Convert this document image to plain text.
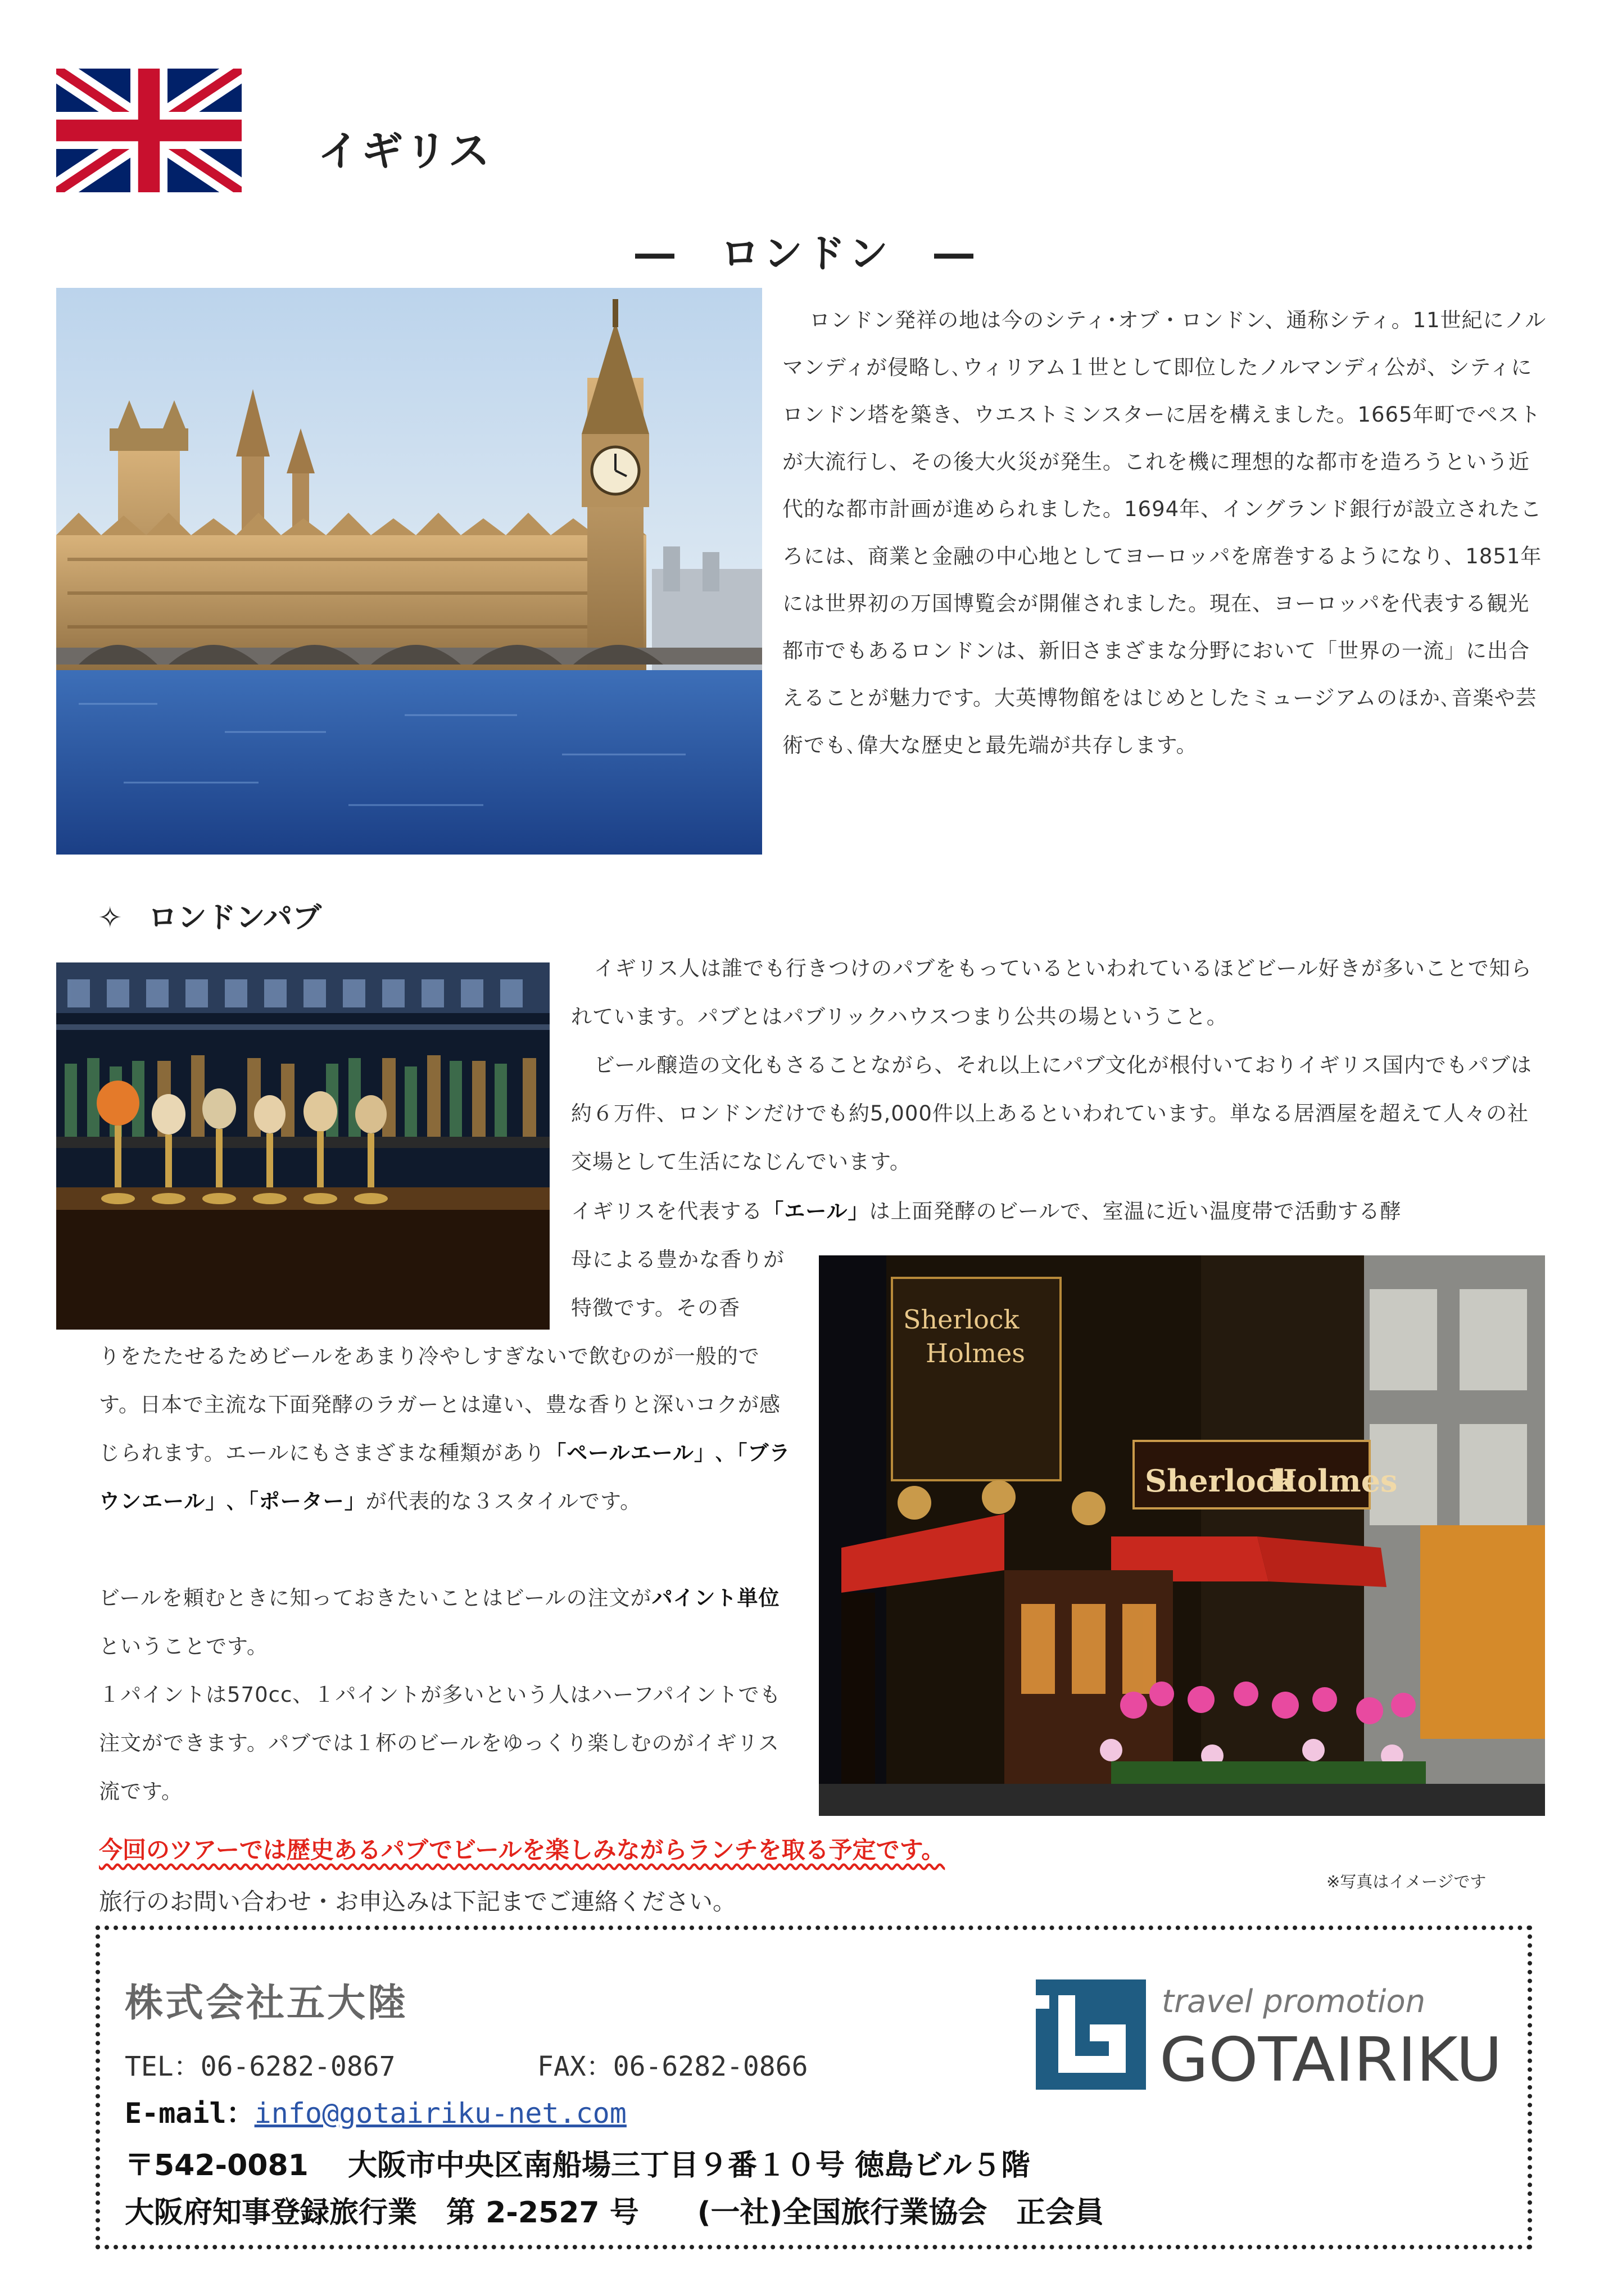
イギリス
―　ロンドン　―

ロンドン発祥の地は今のシティ･オブ・ロンドン、通称シティ。11世紀にノルマンディが侵略し､ウィリアム１世として即位したノルマンディ公が、シティにロンドン塔を築き、ウエストミンスターに居を構えました。1665年町でペストが大流行し、その後大火災が発生。これを機に理想的な都市を造ろうという近代的な都市計画が進められました。1694年、イングランド銀行が設立されたころには、商業と金融の中心地としてヨーロッパを席巻するようになり、1851年には世界初の万国博覧会が開催されました。現在、ヨーロッパを代表する観光都市でもあるロンドンは、新旧さまざまな分野において「世界の一流」に出合えることが魅力です。大英博物館をはじめとしたミュージアムのほか､音楽や芸術でも､偉大な歴史と最先端が共存します。

✧ ロンドンパブ

イギリス人は誰でも行きつけのパブをもっているといわれているほどビール好きが多いことで知られています。パブとはパブリックハウスつまり公共の場ということ。

ビール醸造の文化もさることながら、それ以上にパブ文化が根付いておりイギリス国内でもパブは約６万件、ロンドンだけでも約5,000件以上あるといわれています。単なる居酒屋を超えて人々の社交場として生活になじんでいます。

イギリスを代表する「エール」は上面発酵のビールで、室温に近い温度帯で活動する酵

母による豊かな香りが特徴です。その香

りをたたせるためビールをあまり冷やしすぎないで飲むのが一般的です。日本で主流な下面発酵のラガーとは違い、豊な香りと深いコクが感じられます。エールにもさまざまな種類があり「ペールエール」､「ブラウンエール」､「ポーター」が代表的な３スタイルです。

ビールを頼むときに知っておきたいことはビールの注文がパイント単位ということです。

１パイントは570cc、１パイントが多いという人はハーフパイントでも注文ができます。パブでは１杯のビールをゆっくり楽しむのがイギリス流です。

Sherlock
Holmes
Sherlock
Holmes
今回のツアーでは歴史あるパブでビールを楽しみながらランチを取る予定です。
※写真はイメージです
旅行のお問い合わせ・お申込みは下記までご連絡ください。
株式会社五大陸
TEL：06-6282-0867	FAX：06-6282-0866
E-mail：info@gotairiku-net.com
〒542-0081　 大阪市中央区南船場三丁目９番１０号 徳島ビル５階
大阪府知事登録旅行業　第 2-2527 号　　(一社)全国旅行業協会　正会員
travel promotion
GOTAIRIKU
